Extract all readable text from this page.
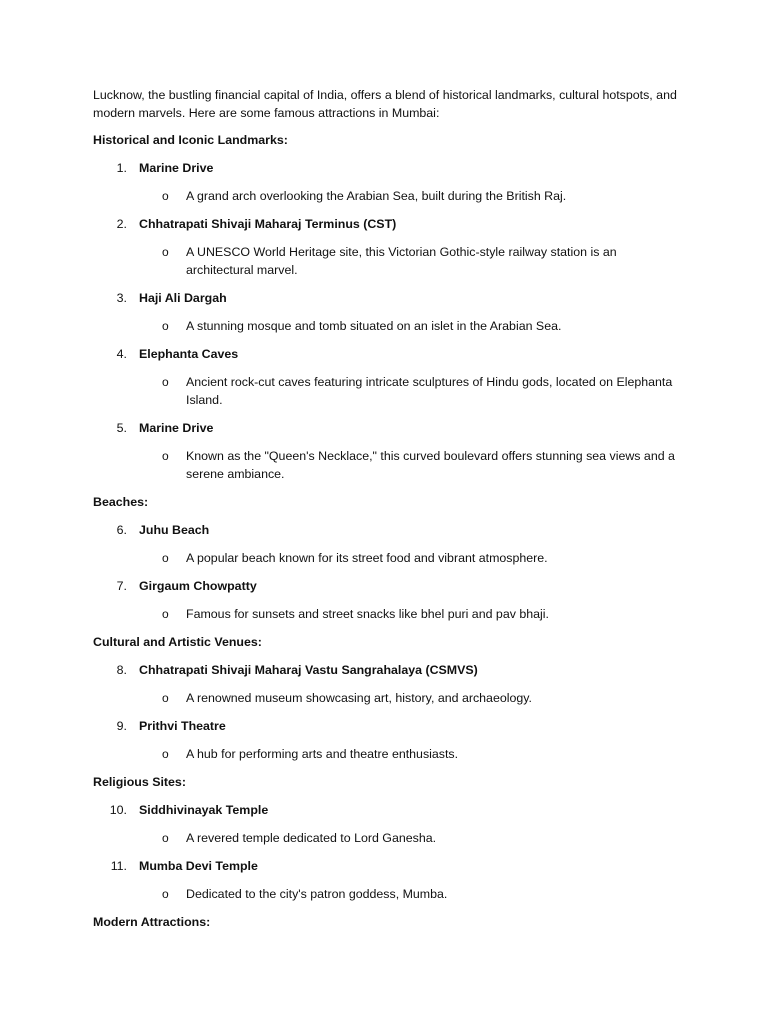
Lucknow, the bustling financial capital of India, offers a blend of historical landmarks, cultural hotspots, and modern marvels. Here are some famous attractions in Mumbai:

Historical and Iconic Landmarks:
1. Marine Drive
o	A grand arch overlooking the Arabian Sea, built during the British Raj.
2. Chhatrapati Shivaji Maharaj Terminus (CST)
o	A UNESCO World Heritage site, this Victorian Gothic-style railway station is an architectural marvel.
3. Haji Ali Dargah
o	A stunning mosque and tomb situated on an islet in the Arabian Sea.
4. Elephanta Caves
o	Ancient rock-cut caves featuring intricate sculptures of Hindu gods, located on Elephanta Island.
5. Marine Drive
o	Known as the "Queen's Necklace," this curved boulevard offers stunning sea views and a serene ambiance.
Beaches:
6. Juhu Beach
o	A popular beach known for its street food and vibrant atmosphere.
7. Girgaum Chowpatty
o	Famous for sunsets and street snacks like bhel puri and pav bhaji.
Cultural and Artistic Venues:
8. Chhatrapati Shivaji Maharaj Vastu Sangrahalaya (CSMVS)
o	A renowned museum showcasing art, history, and archaeology.
9. Prithvi Theatre
o	A hub for performing arts and theatre enthusiasts.
Religious Sites:
10. Siddhivinayak Temple
o	A revered temple dedicated to Lord Ganesha.
11. Mumba Devi Temple
o	Dedicated to the city's patron goddess, Mumba.
Modern Attractions:
